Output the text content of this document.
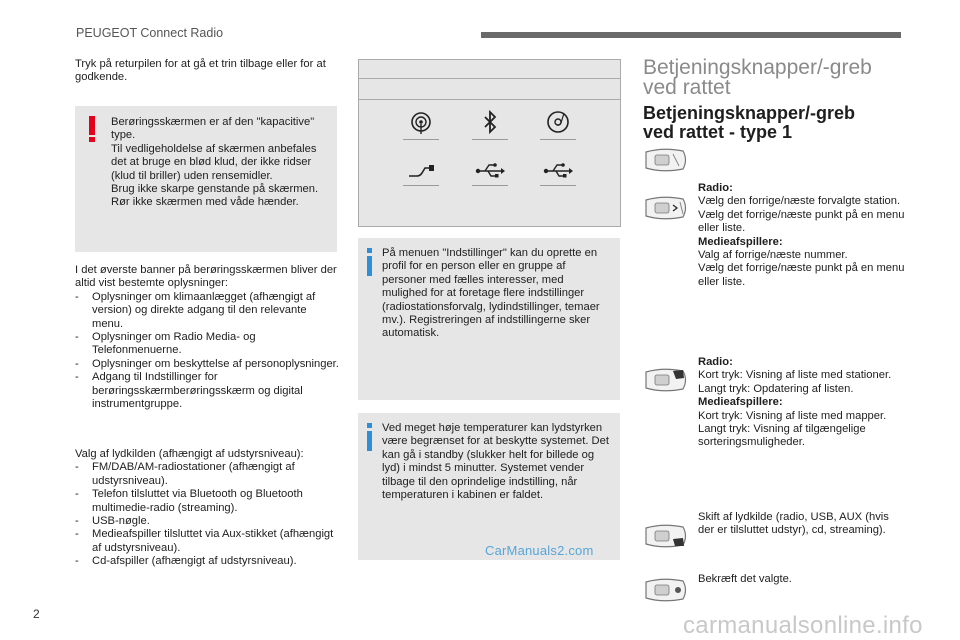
PEUGEOT Connect Radio
Tryk på returpilen for at gå et trin tilbage eller for at godkende.
Berøringsskærmen er af den "kapacitive" type.
Til vedligeholdelse af skærmen anbefales det at bruge en blød klud, der ikke ridser (klud til briller) uden rensemidler.
Brug ikke skarpe genstande på skærmen.
Rør ikke skærmen med våde hænder.
I det øverste banner på berøringsskærmen bliver der altid vist bestemte oplysninger:
- Oplysninger om klimaanlægget (afhængigt af version) og direkte adgang til den relevante menu.
- Oplysninger om Radio Media- og Telefonmenuerne.
- Oplysninger om beskyttelse af personoplysninger.
- Adgang til Indstillinger for berøringsskærmberøringsskærm og digital instrumentgruppe.
Valg af lydkilden (afhængigt af udstyrsniveau):
- FM/DAB/AM-radiostationer (afhængigt af udstyrsniveau).
- Telefon tilsluttet via Bluetooth og Bluetooth multimedie-radio (streaming).
- USB-nøgle.
- Medieafspiller tilsluttet via Aux-stikket (afhængigt af udstyrsniveau).
- Cd-afspiller (afhængigt af udstyrsniveau).
På menuen "Indstillinger" kan du oprette en profil for en person eller en gruppe af personer med fælles interesser, med mulighed for at foretage flere indstillinger (radiostationsforvalg, lydindstillinger, temaer mv.). Registreringen af indstillingerne sker automatisk.
Ved meget høje temperaturer kan lydstyrken være begrænset for at beskytte systemet. Det kan gå i standby (slukker helt for billede og lyd) i mindst 5 minutter. Systemet vender tilbage til den oprindelige indstilling, når temperaturen i kabinen er faldet.
CarManuals2.com
Betjeningsknapper/-greb
ved rattet
Betjeningsknapper/-greb
ved rattet - type 1
Radio:
Vælg den forrige/næste forvalgte station.
Vælg det forrige/næste punkt på en menu eller liste.
Medieafspillere:
Valg af forrige/næste nummer.
Vælg det forrige/næste punkt på en menu eller liste.
Radio:
Kort tryk: Visning af liste med stationer.
Langt tryk: Opdatering af listen.
Medieafspillere:
Kort tryk: Visning af liste med mapper.
Langt tryk: Visning af tilgængelige sorteringsmuligheder.
Skift af lydkilde (radio, USB, AUX (hvis der er tilsluttet udstyr), cd, streaming).
Bekræft det valgte.
2	carmanualsonline.info
